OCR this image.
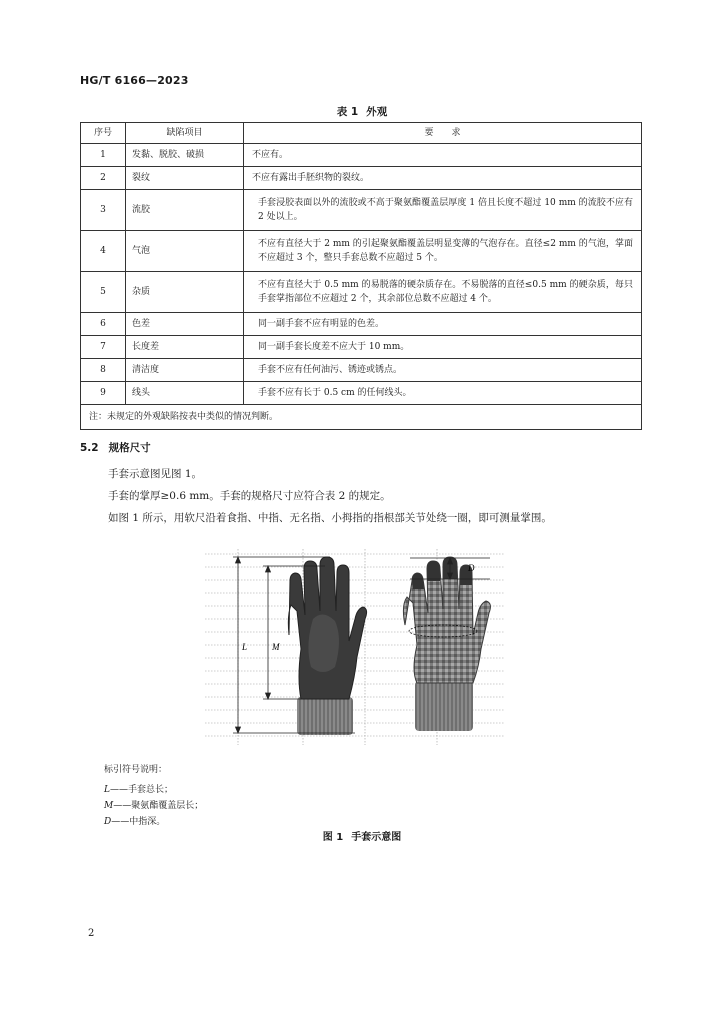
HG/T 6166—2023
表 1 外观
序号	缺陷项目	要　　求
1	发黏、脱胶、破损	不应有。
2	裂纹	不应有露出手胚织物的裂纹。
3	流胶	手套浸胶表面以外的流胶或不高于聚氨酯覆盖层厚度 1 倍且长度不超过 10 mm 的流胶不应有 2 处以上。
4	气泡	不应有直径大于 2 mm 的引起聚氨酯覆盖层明显变薄的气泡存在。直径≤2 mm 的气泡，掌面不应超过 3 个，整只手套总数不应超过 5 个。
5	杂质	不应有直径大于 0.5 mm 的易脱落的硬杂质存在。不易脱落的直径≤0.5 mm 的硬杂质，每只手套掌指部位不应超过 2 个，其余部位总数不应超过 4 个。
6	色差	同一副手套不应有明显的色差。
7	长度差	同一副手套长度差不应大于 10 mm。
8	清洁度	手套不应有任何油污、锈迹或锈点。
9	线头	手套不应有长于 0.5 cm 的任何线头。
注：未规定的外观缺陷按表中类似的情况判断。		
5.2 规格尺寸
手套示意图见图 1。
手套的掌厚≥0.6 mm。手套的规格尺寸应符合表 2 的规定。
如图 1 所示，用软尺沿着食指、中指、无名指、小拇指的指根部关节处绕一圈，即可测量掌围。
L	M
D
标引符号说明：
L——手套总长；
M——聚氨酯覆盖层长；
D——中指深。
图 1 手套示意图
2
